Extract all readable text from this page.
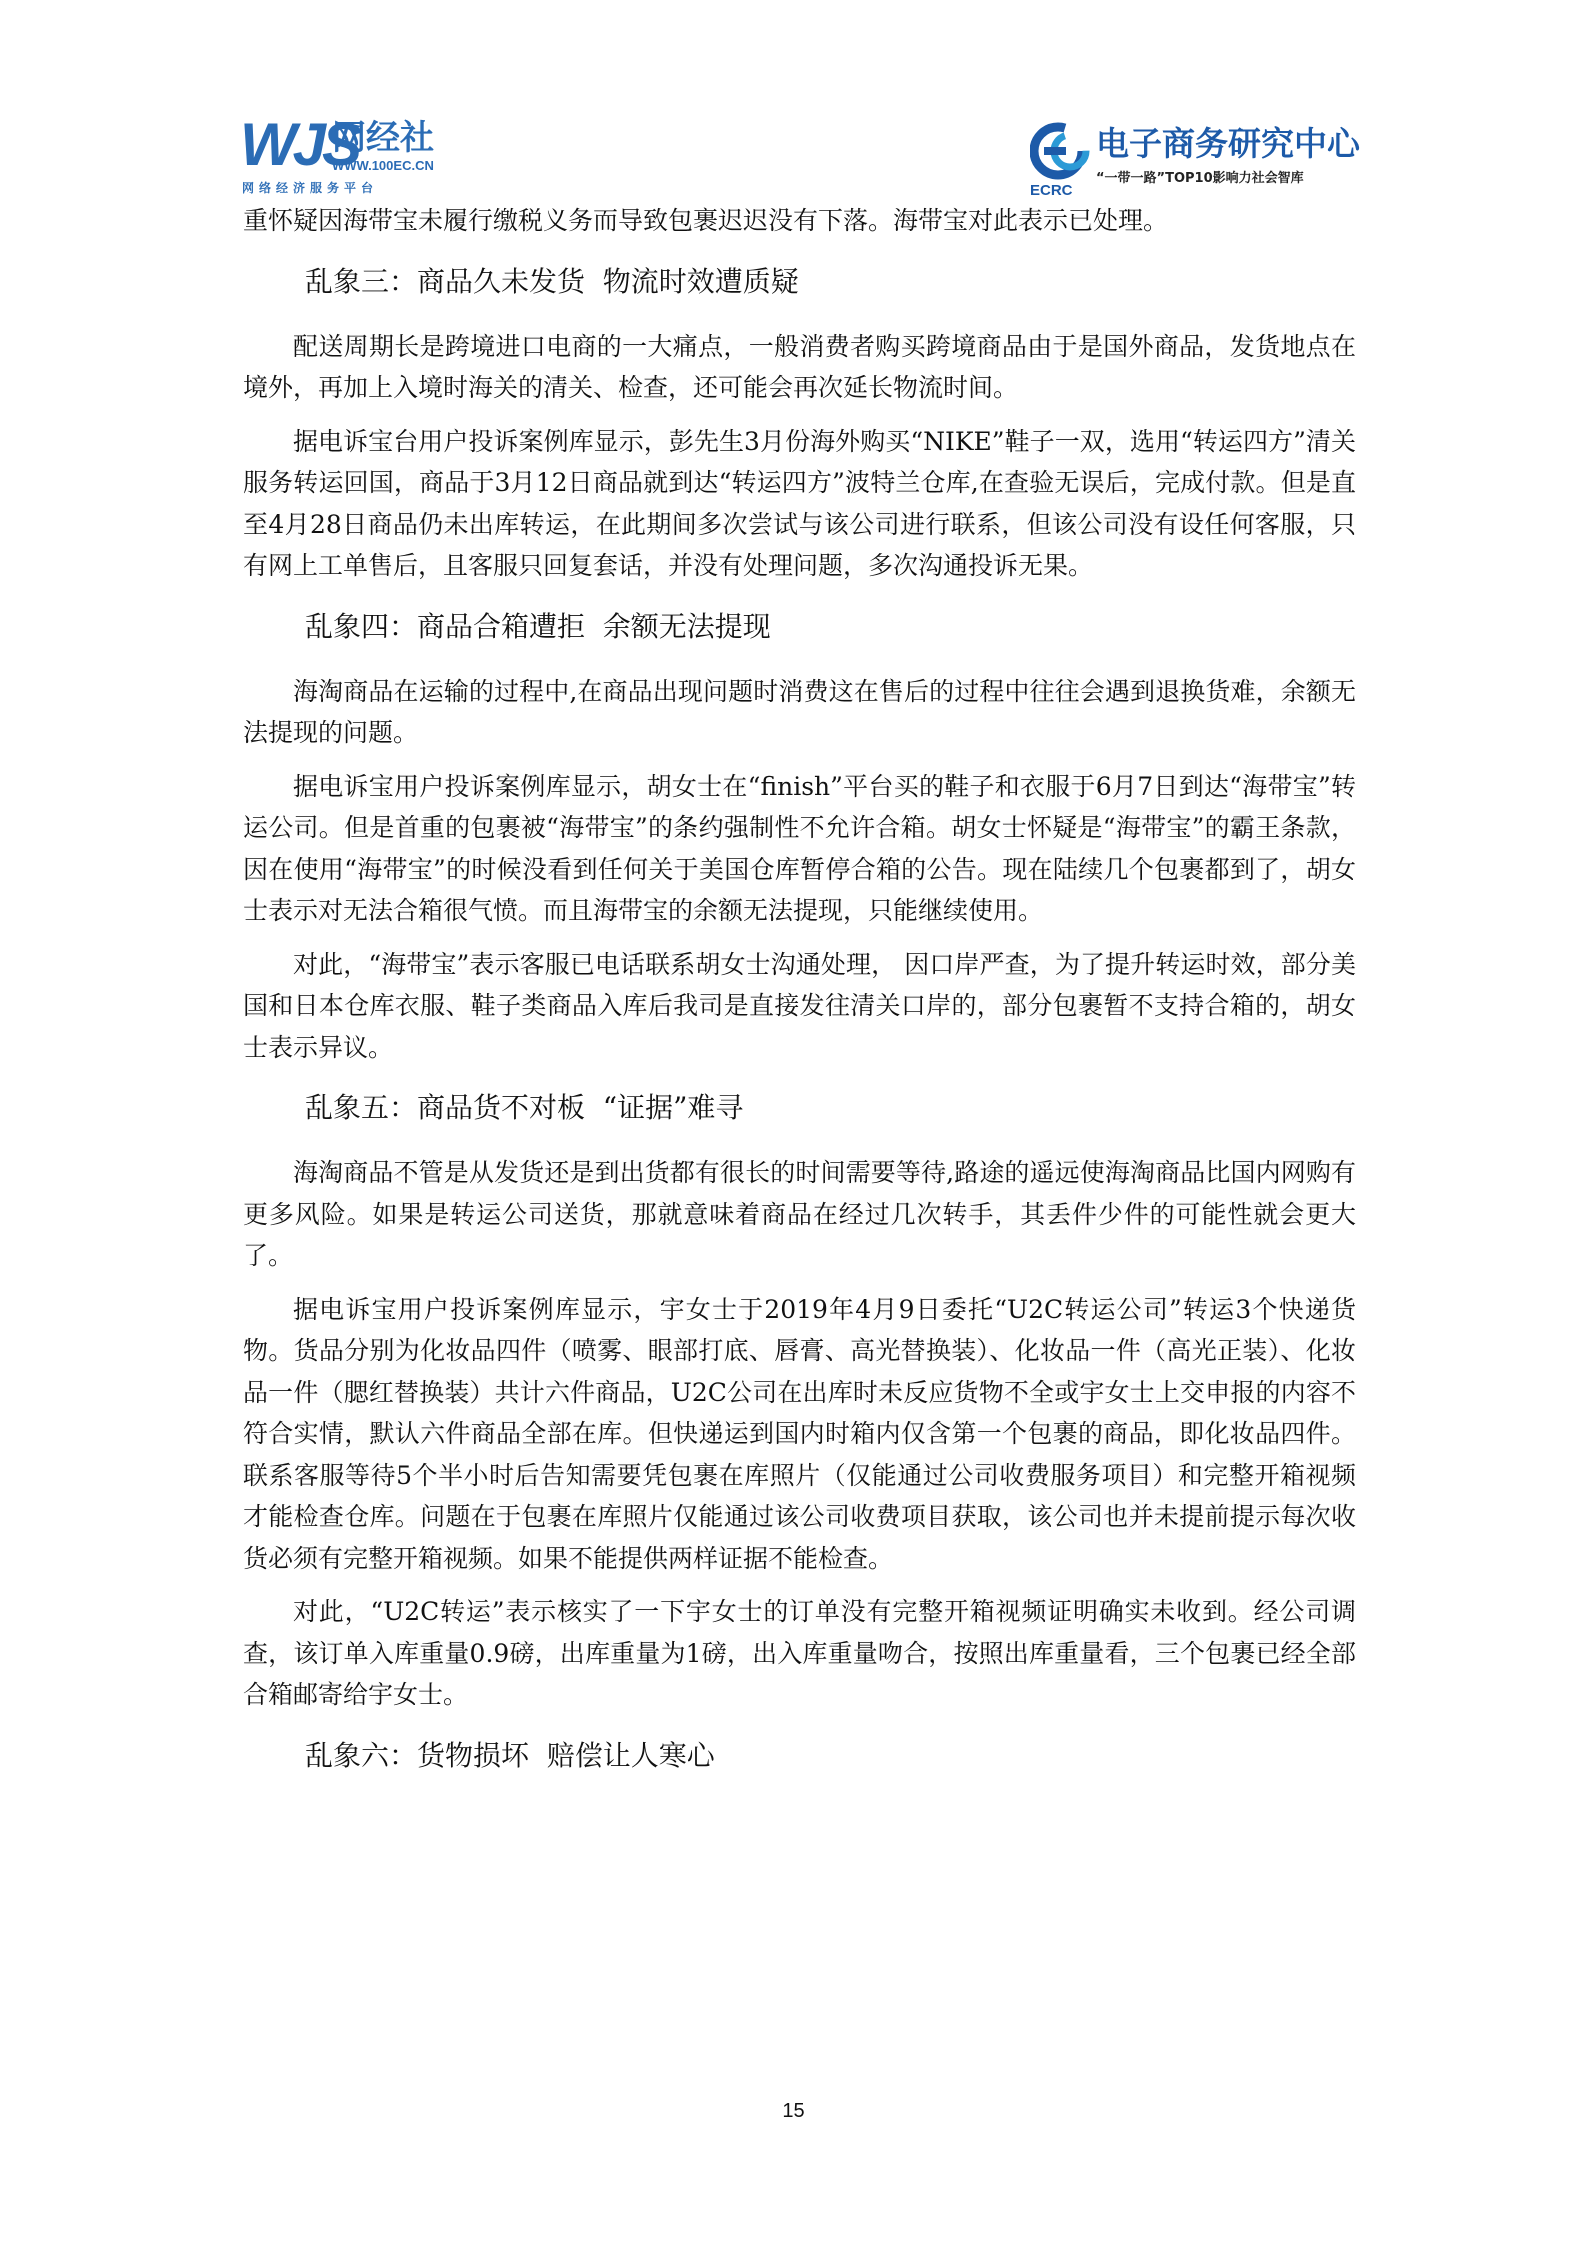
WJS
网经社
WWW.100EC.CN
网络经济服务平台
电子商务研究中心
“一带一路”TOP10影响力社会智库
ECRC

重怀疑因海带宝未履行缴税义务而导致包裹迟迟没有下落。海带宝对此表示已处理。

乱象三：商品久未发货  物流时效遭质疑

配送周期长是跨境进口电商的一大痛点，一般消费者购买跨境商品由于是国外商品，发货地点在境外，再加上入境时海关的清关、检查，还可能会再次延长物流时间。

据电诉宝台用户投诉案例库显示，彭先生3月份海外购买“NIKE”鞋子一双，选用“转运四方”清关服务转运回国，商品于3月12日商品就到达“转运四方”波特兰仓库,在查验无误后，完成付款。但是直至4月28日商品仍未出库转运，在此期间多次尝试与该公司进行联系，但该公司没有设任何客服，只有网上工单售后，且客服只回复套话，并没有处理问题，多次沟通投诉无果。

乱象四：商品合箱遭拒  余额无法提现

海淘商品在运输的过程中,在商品出现问题时消费这在售后的过程中往往会遇到退换货难，余额无法提现的问题。

据电诉宝用户投诉案例库显示，胡女士在“finish”平台买的鞋子和衣服于6月7日到达“海带宝”转运公司。但是首重的包裹被“海带宝”的条约强制性不允许合箱。胡女士怀疑是“海带宝”的霸王条款，因在使用“海带宝”的时候没看到任何关于美国仓库暂停合箱的公告。现在陆续几个包裹都到了，胡女士表示对无法合箱很气愤。而且海带宝的余额无法提现，只能继续使用。

对此，“海带宝”表示客服已电话联系胡女士沟通处理， 因口岸严查，为了提升转运时效，部分美国和日本仓库衣服、鞋子类商品入库后我司是直接发往清关口岸的，部分包裹暂不支持合箱的，胡女士表示异议。

乱象五：商品货不对板  “证据”难寻

海淘商品不管是从发货还是到出货都有很长的时间需要等待,路途的遥远使海淘商品比国内网购有更多风险。如果是转运公司送货，那就意味着商品在经过几次转手，其丢件少件的可能性就会更大了。

据电诉宝用户投诉案例库显示，宇女士于2019年4月9日委托“U2C转运公司”转运3个快递货物。货品分别为化妆品四件（喷雾、眼部打底、唇膏、高光替换装）、化妆品一件（高光正装）、化妆品一件（腮红替换装）共计六件商品，U2C公司在出库时未反应货物不全或宇女士上交申报的内容不符合实情，默认六件商品全部在库。但快递运到国内时箱内仅含第一个包裹的商品，即化妆品四件。联系客服等待5个半小时后告知需要凭包裹在库照片（仅能通过公司收费服务项目）和完整开箱视频才能检查仓库。问题在于包裹在库照片仅能通过该公司收费项目获取，该公司也并未提前提示每次收货必须有完整开箱视频。如果不能提供两样证据不能检查。

对此，“U2C转运”表示核实了一下宇女士的订单没有完整开箱视频证明确实未收到。经公司调查，该订单入库重量0.9磅，出库重量为1磅，出入库重量吻合，按照出库重量看，三个包裹已经全部合箱邮寄给宇女士。

乱象六：货物损坏  赔偿让人寒心

15
